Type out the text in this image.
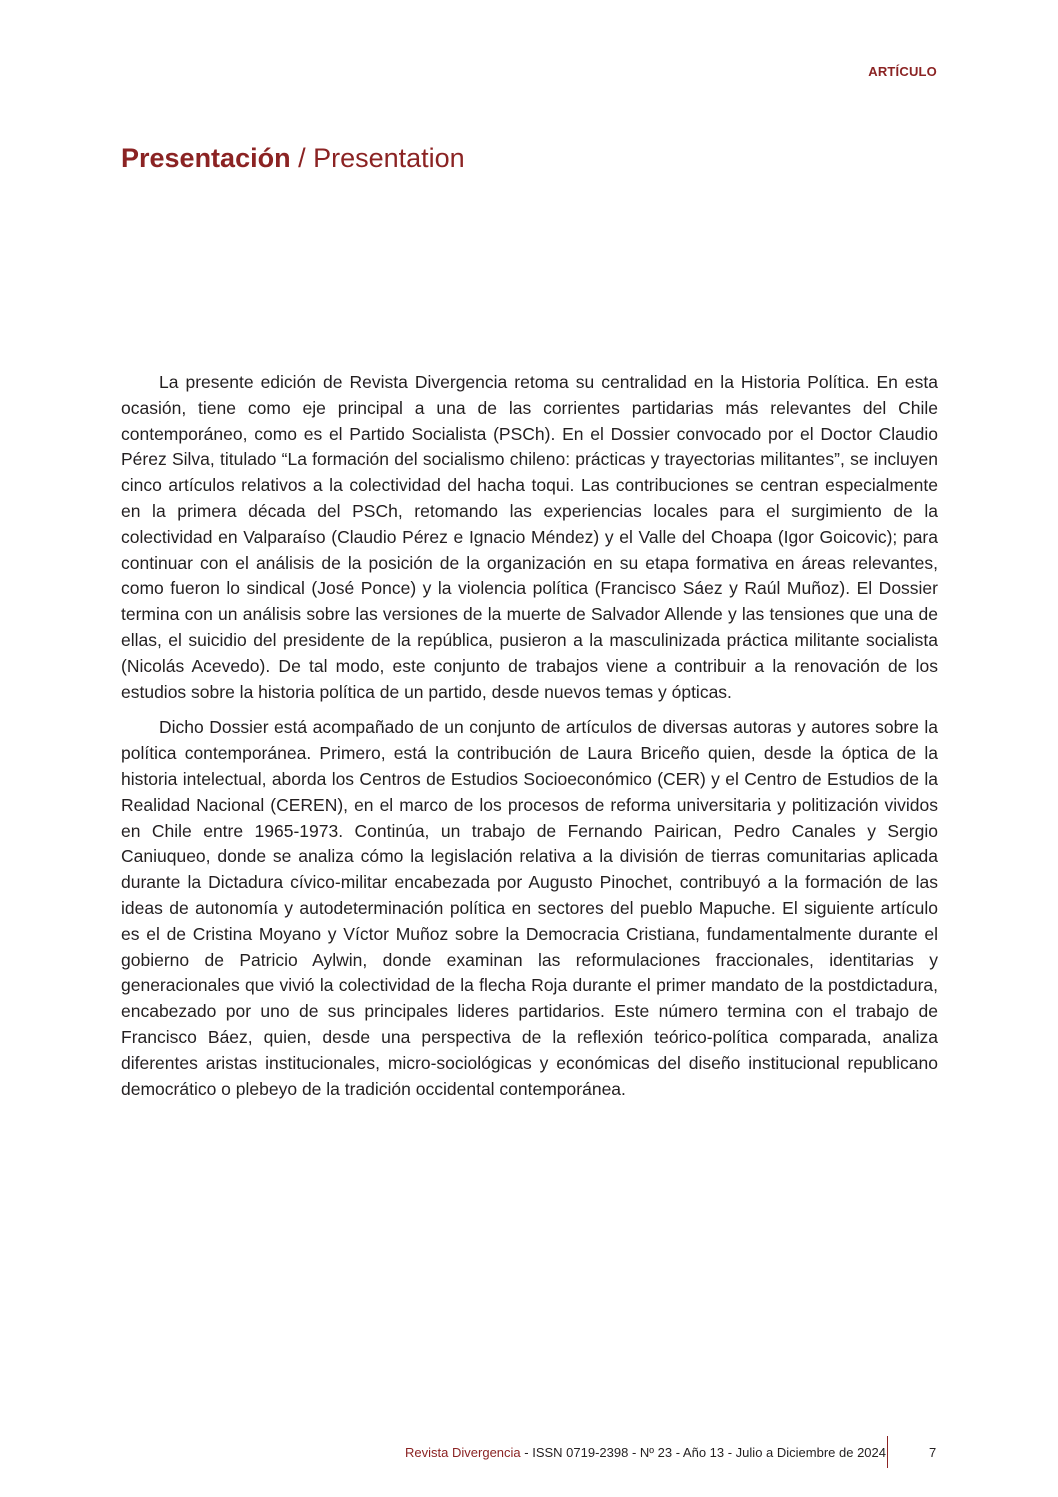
ARTÍCULO
Presentación / Presentation

La presente edición de Revista Divergencia retoma su centralidad en la Historia Política. En esta ocasión, tiene como eje principal a una de las corrientes partidarias más relevantes del Chile contemporáneo, como es el Partido Socialista (PSCh). En el Dossier convocado por el Doctor Claudio Pérez Silva, titulado “La formación del socialismo chileno: prácticas y trayectorias militantes”, se incluyen cinco artículos relativos a la colectividad del hacha toqui. Las contribuciones se centran especialmente en la primera década del PSCh, retomando las experiencias locales para el surgimiento de la colectividad en Valparaíso (Claudio Pérez e Ignacio Méndez) y el Valle del Choapa (Igor Goicovic); para continuar con el análisis de la posición de la organización en su etapa formativa en áreas relevantes, como fueron lo sindical (José Ponce) y la violencia política (Francisco Sáez y Raúl Muñoz). El Dossier termina con un análisis sobre las versiones de la muerte de Salvador Allende y las tensiones que una de ellas, el suicidio del presidente de la república, pusieron a la masculinizada práctica militante socialista (Nicolás Acevedo). De tal modo, este conjunto de trabajos viene a contribuir a la renovación de los estudios sobre la historia política de un partido, desde nuevos temas y ópticas.

Dicho Dossier está acompañado de un conjunto de artículos de diversas autoras y autores sobre la política contemporánea. Primero, está la contribución de Laura Briceño quien, desde la óptica de la historia intelectual, aborda los Centros de Estudios Socioeconómico (CER) y el Centro de Estudios de la Realidad Nacional (CEREN), en el marco de los procesos de reforma universitaria y politización vividos en Chile entre 1965-1973. Continúa, un trabajo de Fernando Pairican, Pedro Canales y Sergio Caniuqueo, donde se analiza cómo la legislación relativa a la división de tierras comunitarias aplicada durante la Dictadura cívico-militar encabezada por Augusto Pinochet, contribuyó a la formación de las ideas de autonomía y autodeterminación política en sectores del pueblo Mapuche. El siguiente artículo es el de Cristina Moyano y Víctor Muñoz sobre la Democracia Cristiana, fundamentalmente durante el gobierno de Patricio Aylwin, donde examinan las reformulaciones fraccionales, identitarias y generacionales que vivió la colectividad de la flecha Roja durante el primer mandato de la postdictadura, encabezado por uno de sus principales lideres partidarios. Este número termina con el trabajo de Francisco Báez, quien, desde una perspectiva de la reflexión teórico-política comparada, analiza diferentes aristas institucionales, micro-sociológicas y económicas del diseño institucional republicano democrático o plebeyo de la tradición occidental contemporánea.

Revista Divergencia - ISSN 0719-2398 - Nº 23 - Año 13 - Julio a Diciembre de 2024	7
